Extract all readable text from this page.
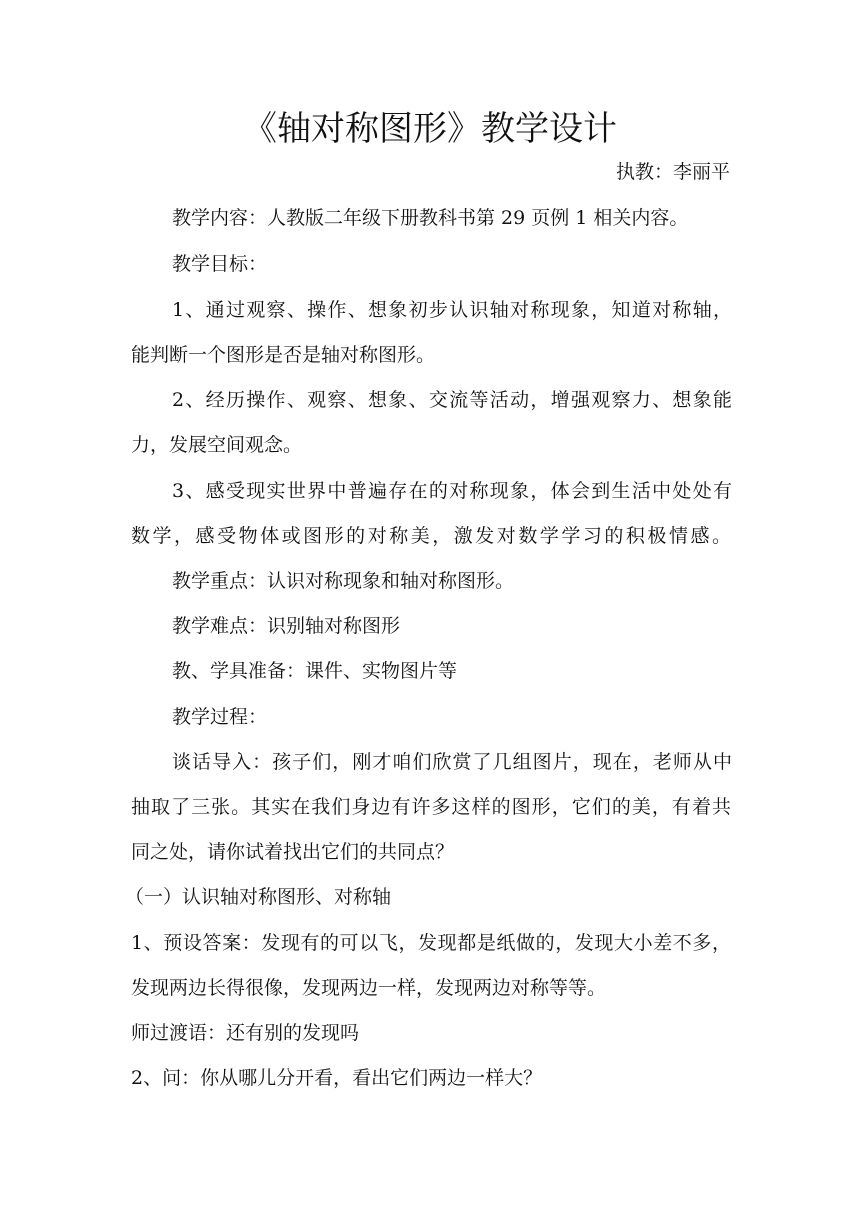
《轴对称图形》教学设计
执教：李丽平
教学内容：人教版二年级下册教科书第 29 页例 1 相关内容。
教学目标：
1、通过观察、操作、想象初步认识轴对称现象，知道对称轴，
能判断一个图形是否是轴对称图形。
2、经历操作、观察、想象、交流等活动，增强观察力、想象能
力，发展空间观念。
3、感受现实世界中普遍存在的对称现象，体会到生活中处处有
数学，感受物体或图形的对称美，激发对数学学习的积极情感。
教学重点：认识对称现象和轴对称图形。
教学难点：识别轴对称图形
教、学具准备：课件、实物图片等
教学过程：
谈话导入：孩子们，刚才咱们欣赏了几组图片，现在，老师从中
抽取了三张。其实在我们身边有许多这样的图形，它们的美，有着共
同之处，请你试着找出它们的共同点？
（一）认识轴对称图形、对称轴
1、预设答案：发现有的可以飞，发现都是纸做的，发现大小差不多，
发现两边长得很像，发现两边一样，发现两边对称等等。
师过渡语：还有别的发现吗
2、问：你从哪儿分开看，看出它们两边一样大？
